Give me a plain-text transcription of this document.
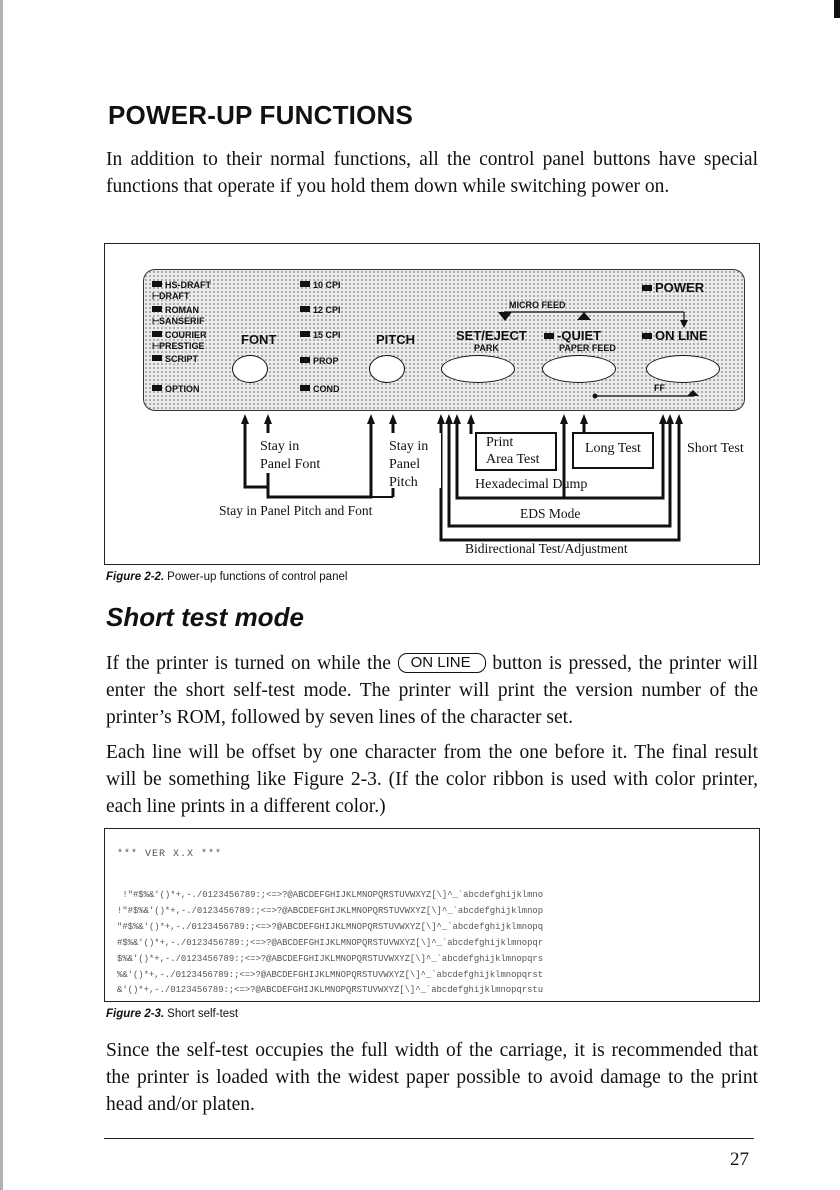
POWER-UP FUNCTIONS

In addition to their normal functions, all the control panel buttons have special functions that operate if you hold them down while switching power on.

HS-DRAFT
⊢DRAFT
ROMAN
⊢SANSERIF
COURIER
⊢PRESTIGE
SCRIPT
OPTION
FONT
10 CPI
12 CPI
15 CPI
PROP
COND
PITCH	SET/EJECT
PARK
MICRO FEED
-QUIET
PAPER FEED
POWER
ON LINE
FF
Stay in
Panel Font
Stay in
Panel
Pitch
Stay in Panel Pitch and Font
Print
Area Test
Long Test	Short Test
Hexadecimal Dump
EDS Mode
Bidirectional Test/Adjustment
Figure 2-2. Power-up functions of control panel
Short test mode

If the printer is turned on while the ON LINE button is pressed, the printer will enter the short self-test mode. The printer will print the version number of the printer’s ROM, followed by seven lines of the character set.

Each line will be offset by one character from the one before it. The final result will be something like Figure 2-3. (If the color ribbon is used with color printer, each line prints in a different color.)

*** VER X.X ***
!"#$%&'()*+,-./0123456789:;<=>?@ABCDEFGHIJKLMNOPQRSTUVWXYZ[\]^_`abcdefghijklmno
!"#$%&'()*+,-./0123456789:;<=>?@ABCDEFGHIJKLMNOPQRSTUVWXYZ[\]^_`abcdefghijklmnop
"#$%&'()*+,-./0123456789:;<=>?@ABCDEFGHIJKLMNOPQRSTUVWXYZ[\]^_`abcdefghijklmnopq
#$%&'()*+,-./0123456789:;<=>?@ABCDEFGHIJKLMNOPQRSTUVWXYZ[\]^_`abcdefghijklmnopqr
$%&'()*+,-./0123456789:;<=>?@ABCDEFGHIJKLMNOPQRSTUVWXYZ[\]^_`abcdefghijklmnopqrs
%&'()*+,-./0123456789:;<=>?@ABCDEFGHIJKLMNOPQRSTUVWXYZ[\]^_`abcdefghijklmnopqrst
&'()*+,-./0123456789:;<=>?@ABCDEFGHIJKLMNOPQRSTUVWXYZ[\]^_`abcdefghijklmnopqrstu
Figure 2-3. Short self-test

Since the self-test occupies the full width of the carriage, it is recommended that the printer is loaded with the widest paper possible to avoid damage to the print head and/or platen.

27
